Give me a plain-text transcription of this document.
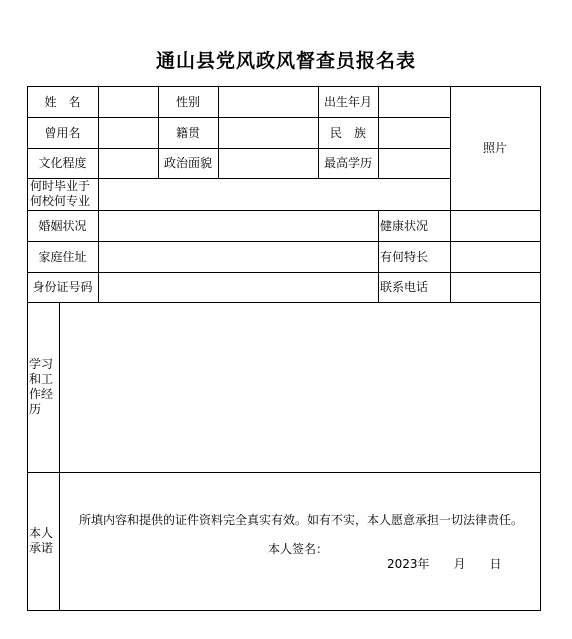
通山县党风政风督查员报名表
姓　名	性别	出生年月
照片
曾用名	籍贯	民　族
文化程度	政治面貌	最高学历
何时毕业于
何校何专业
婚姻状况	健康状况
家庭住址	有何特长
身份证号码	联系电话
学习
和工
作经
历
本人
承诺
所填内容和提供的证件资料完全真实有效。如有不实，本人愿意承担一切法律责任。
本人签名：
2023年　　月　　日
